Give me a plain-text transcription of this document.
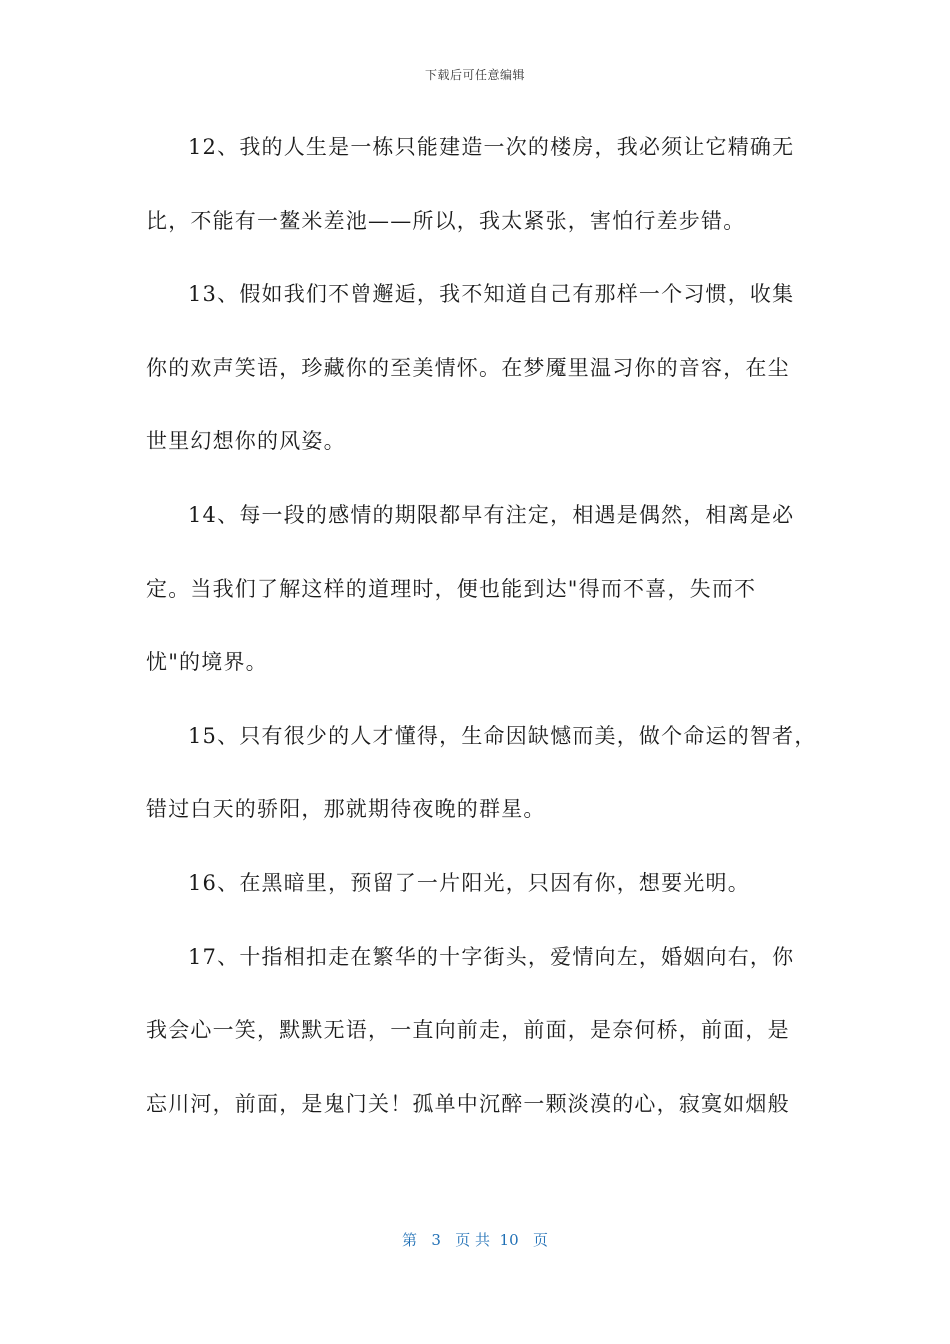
下载后可任意编辑
12、我的人生是一栋只能建造一次的楼房，我必须让它精确无
比，不能有一鳌米差池——所以，我太紧张，害怕行差步错。
13、假如我们不曾邂逅，我不知道自己有那样一个习惯，收集
你的欢声笑语，珍藏你的至美情怀。在梦魇里温习你的音容，在尘
世里幻想你的风姿。
14、每一段的感情的期限都早有注定，相遇是偶然，相离是必
定。当我们了解这样的道理时，便也能到达"得而不喜，失而不
忧"的境界。
15、只有很少的人才懂得，生命因缺憾而美，做个命运的智者，
错过白天的骄阳，那就期待夜晚的群星。
16、在黑暗里，预留了一片阳光，只因有你，想要光明。
17、十指相扣走在繁华的十字街头，爱情向左，婚姻向右，你
我会心一笑，默默无语，一直向前走，前面，是奈何桥，前面，是
忘川河，前面，是鬼门关！孤单中沉醉一颗淡漠的心，寂寞如烟般
第 3 页 共 10 页
